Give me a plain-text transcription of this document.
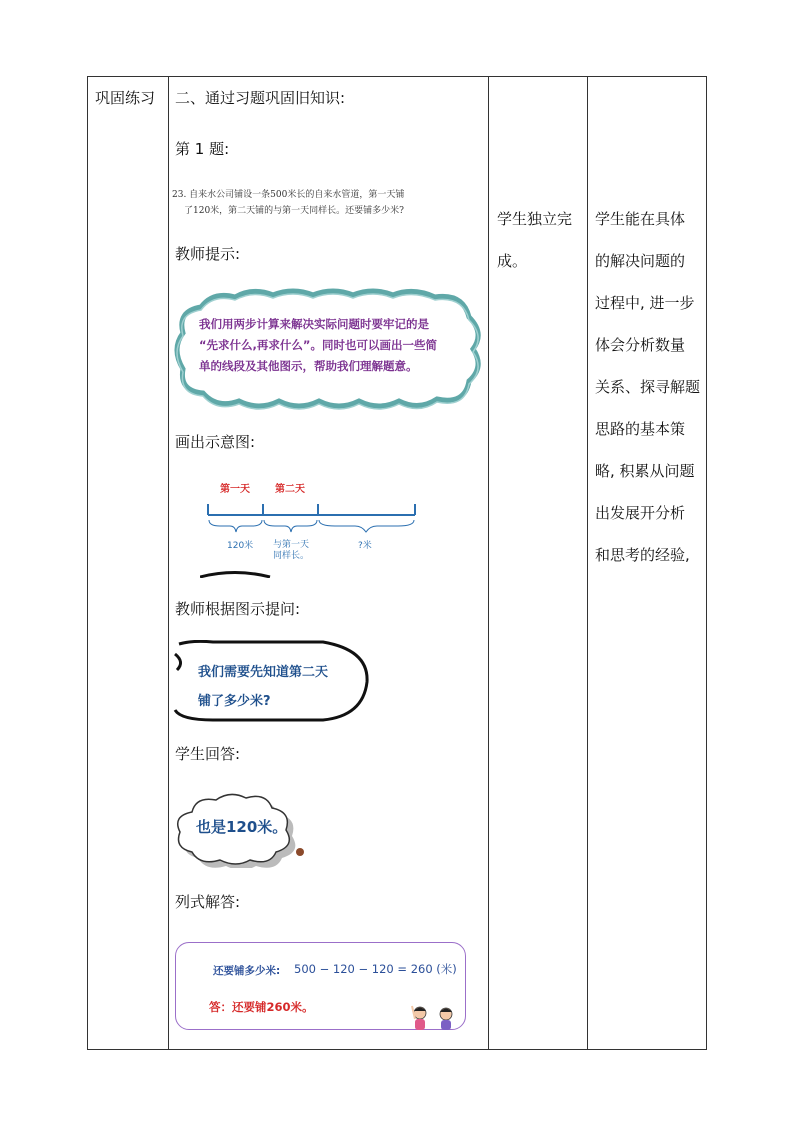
巩固练习 二、通过习题巩固旧知识:
第 1 题:
23. 自来水公司铺设一条500米长的自来水管道，第一天铺
了120米，第二天铺的与第一天同样长。还要铺多少米?
教师提示:
我们用两步计算来解决实际问题时要牢记的是
“先求什么,再求什么”。同时也可以画出一些简
单的线段及其他图示，帮助我们理解题意。
画出示意图:
第一天	第二天
120米 与第一天
同样长。
?米
教师根据图示提问:
我们需要先知道第二天
铺了多少米?
学生回答:
也是120米。
列式解答:
还要铺多少米: 500 − 120 − 120 = 260 (米)
答：还要铺260米。
学生独立完
成。
学生能在具体
的解决问题的
过程中, 进一步
体会分析数量
关系、探寻解题
思路的基本策
略, 积累从问题
出发展开分析
和思考的经验,
